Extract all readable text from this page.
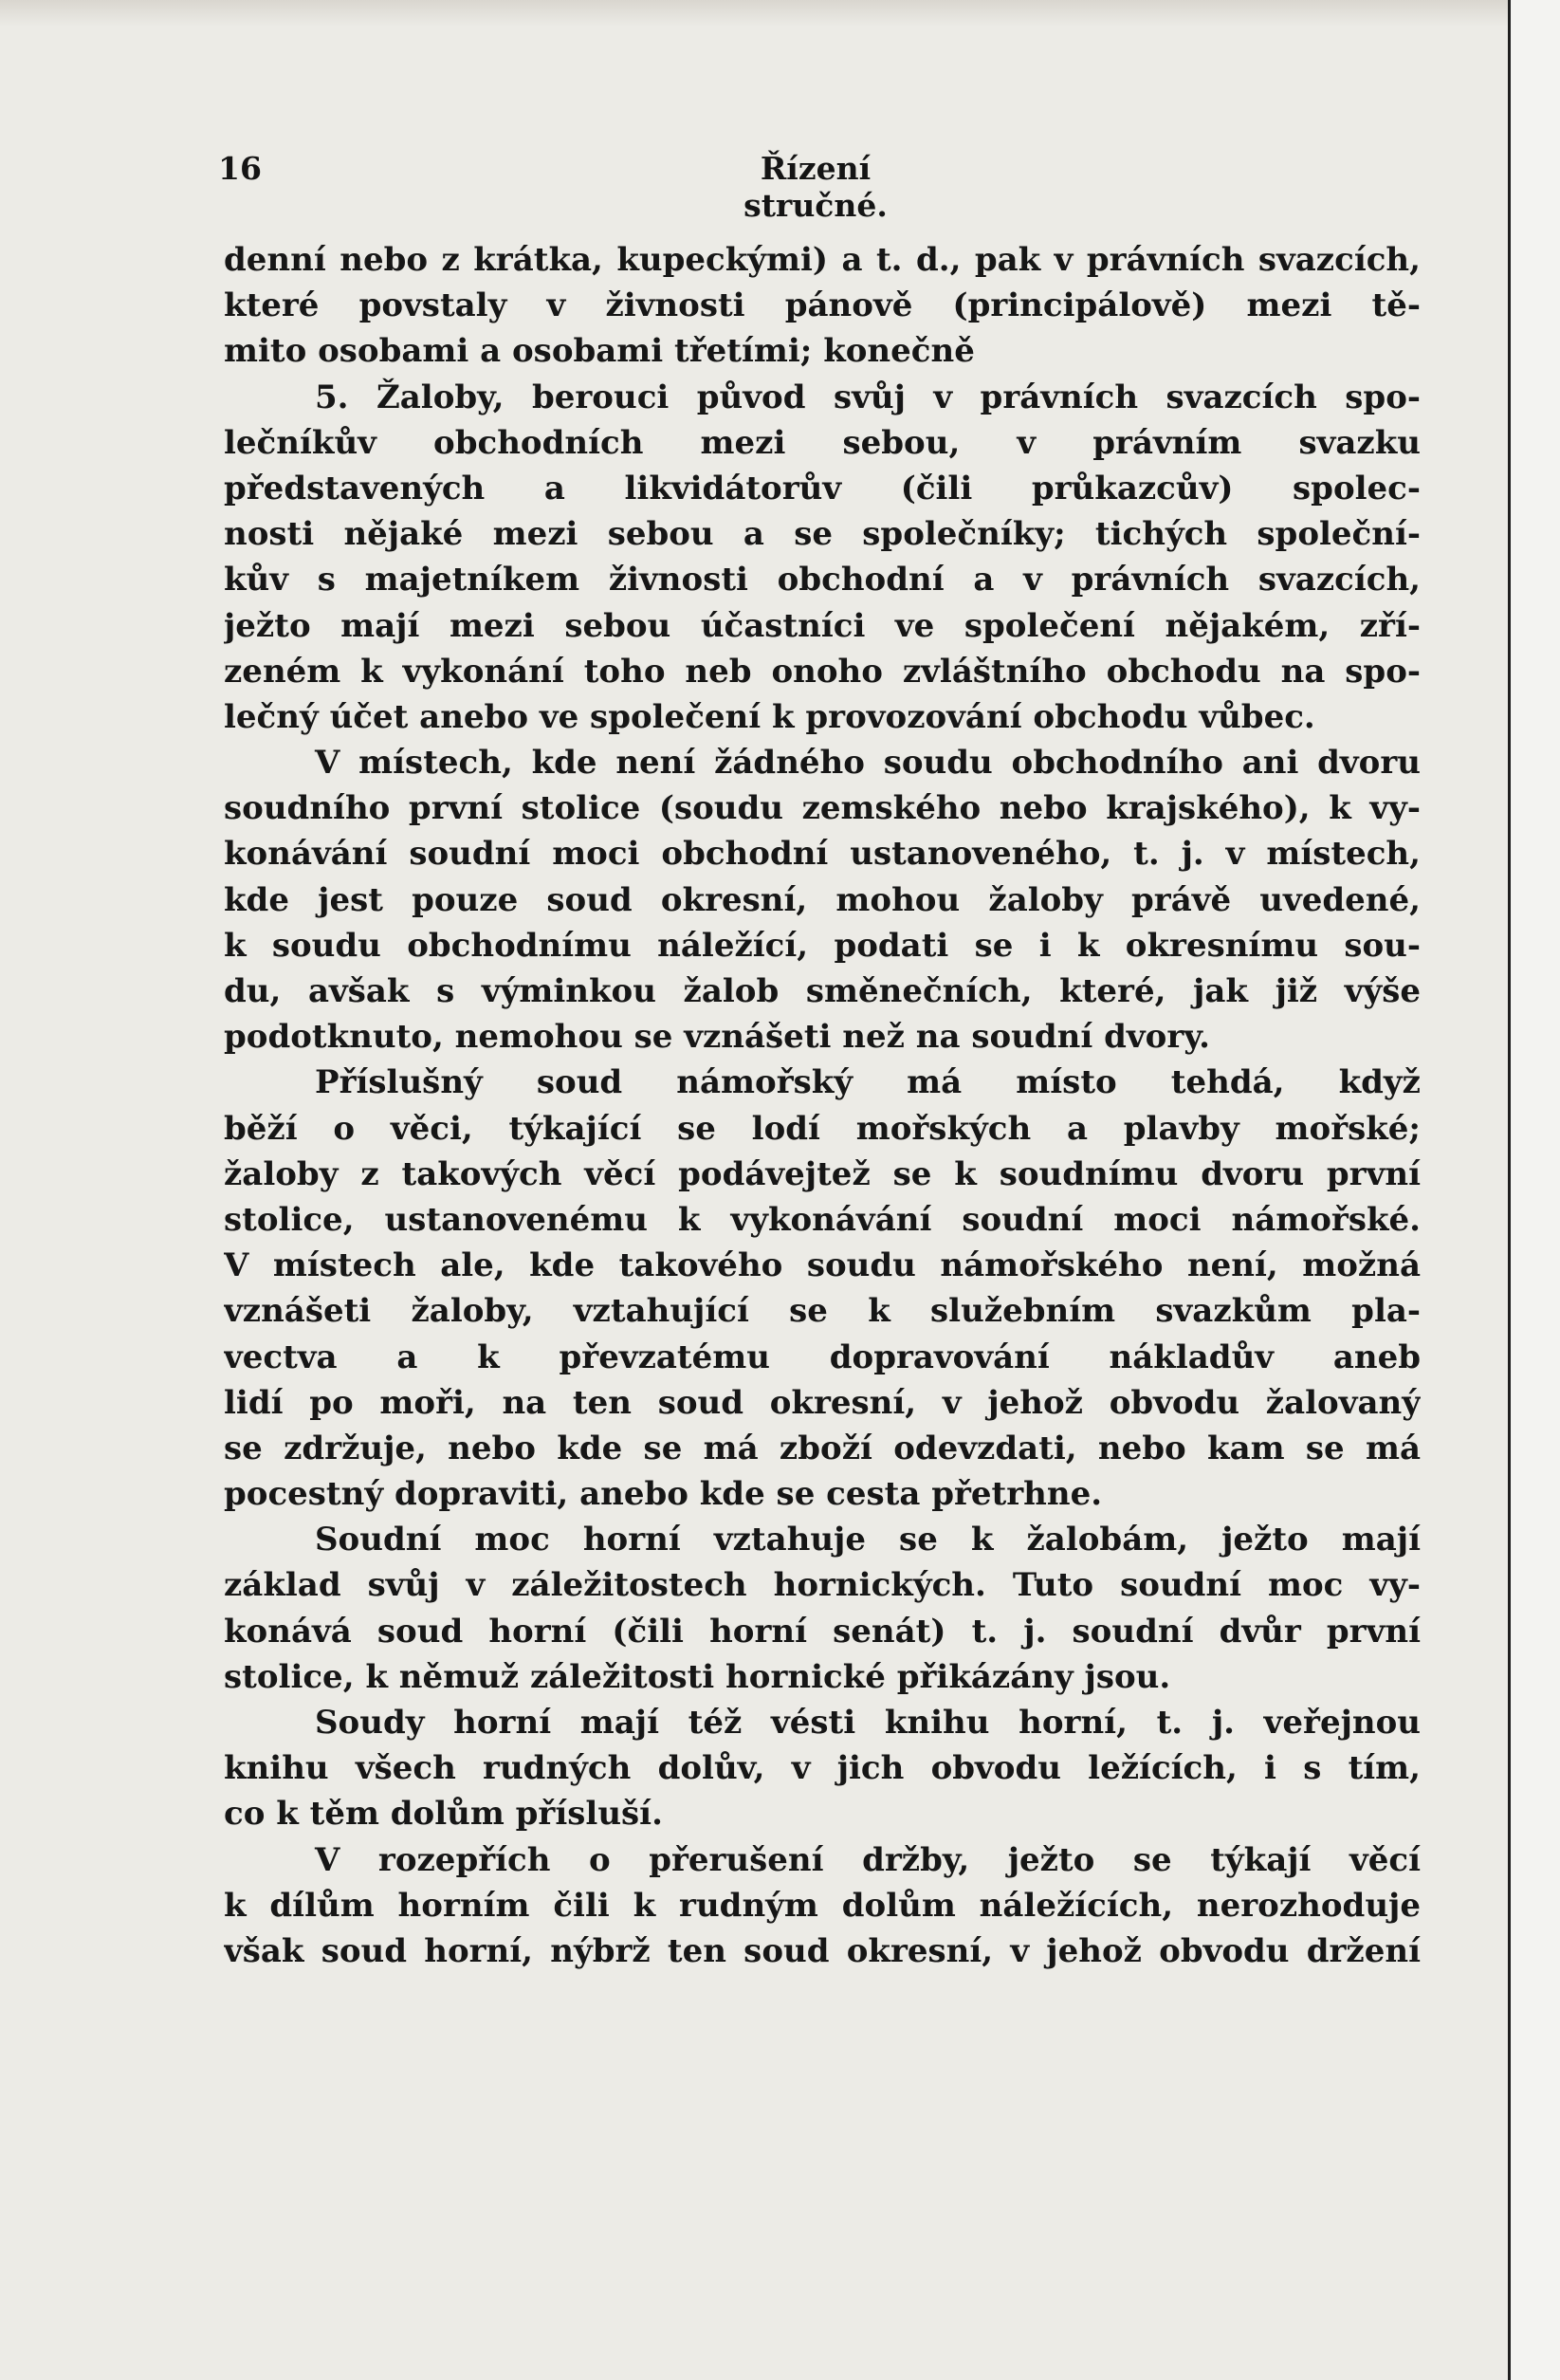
16	Řízení stručné.
denní nebo z krátka, kupeckými) a t. d., pak v právních svazcích,
které povstaly v živnosti pánově (principálově) mezi tě-
mito osobami a osobami třetími; konečně
5. Žaloby, berouci původ svůj v právních svazcích spo-
lečníkův obchodních mezi sebou, v právním svazku
představených a likvidátorův (čili průkazcův) spolec-
nosti nějaké mezi sebou a se společníky; tichých společní-
kův s majetníkem živnosti obchodní a v právních svazcích,
ježto mají mezi sebou účastníci ve společení nějakém, zří-
zeném k vykonání toho neb onoho zvláštního obchodu na spo-
lečný účet anebo ve společení k provozování obchodu vůbec.
V místech, kde není žádného soudu obchodního ani dvoru
soudního první stolice (soudu zemského nebo krajského), k vy-
konávání soudní moci obchodní ustanoveného, t. j. v místech,
kde jest pouze soud okresní, mohou žaloby právě uvedené,
k soudu obchodnímu náležící, podati se i k okresnímu sou-
du, avšak s výminkou žalob směnečních, které, jak již výše
podotknuto, nemohou se vznášeti než na soudní dvory.
Příslušný soud námořský má místo tehdá, když
běží o věci, týkající se lodí mořských a plavby mořské;
žaloby z takových věcí podávejtež se k soudnímu dvoru první
stolice, ustanovenému k vykonávání soudní moci námořské.
V místech ale, kde takového soudu námořského není, možná
vznášeti žaloby, vztahující se k služebním svazkům pla-
vectva a k převzatému dopravování nákladův aneb
lidí po moři, na ten soud okresní, v jehož obvodu žalovaný
se zdržuje, nebo kde se má zboží odevzdati, nebo kam se má
pocestný dopraviti, anebo kde se cesta přetrhne.
Soudní moc horní vztahuje se k žalobám, ježto mají
základ svůj v záležitostech hornických. Tuto soudní moc vy-
konává soud horní (čili horní senát) t. j. soudní dvůr první
stolice, k němuž záležitosti hornické přikázány jsou.
Soudy horní mají též vésti knihu horní, t. j. veřejnou
knihu všech rudných dolův, v jich obvodu ležících, i s tím,
co k těm dolům přísluší.
V rozepřích o přerušení držby, ježto se týkají věcí
k dílům horním čili k rudným dolům náležících, nerozhoduje
však soud horní, nýbrž ten soud okresní, v jehož obvodu držení
